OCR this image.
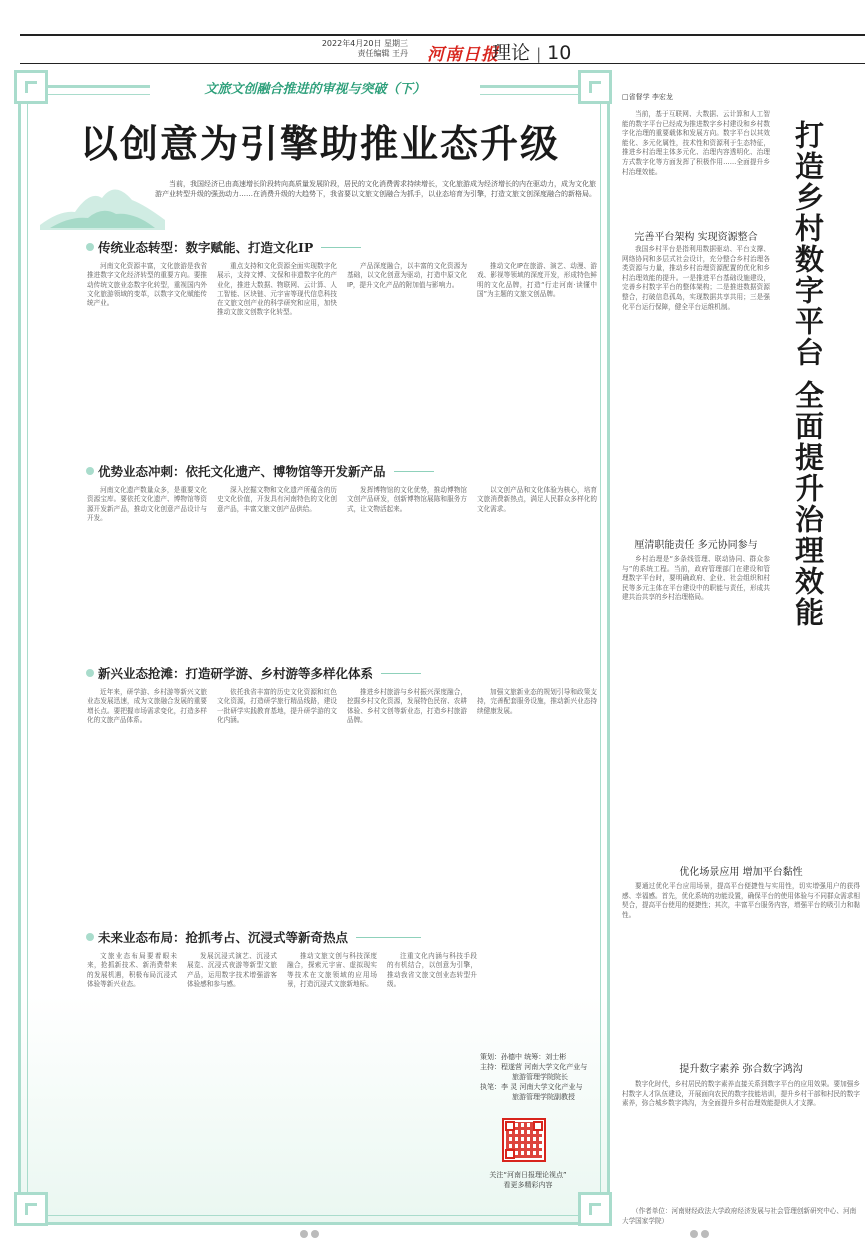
2022年4月20日 星期三
责任编辑 王丹 河南日报
理论 | 10
文旅文创融合推进的审视与突破（下）
以创意为引擎助推业态升级

当前，我国经济已由高速增长阶段转向高质量发展阶段，居民的文化消费需求持续增长，文化旅游成为经济增长的内在驱动力，成为文化旅游产业转型升级的强劲动力……在消费升级的大趋势下，我省要以文旅文创融合为抓手，以业态培育为引擎，打造文旅文创深度融合的新格局。

传统业态转型：数字赋能、打造文化IP

河南文化资源丰富，文化旅游是我省推进数字文化经济转型的重要方向。要推动传统文旅业态数字化转型，重视国内外文化旅游领域的变革，以数字文化赋能传统产业。

重点支持和文化资源全面实现数字化展示，支持文博、文保和非遗数字化的产业化，推进大数据、物联网、云计算、人工智能、区块链、元宇宙等现代信息科技在文旅文创产业的科学研究和应用，加快推动文旅文创数字化转型。

产品深度融合，以丰富的文化资源为基础，以文化创意为驱动，打造中原文化IP，提升文化产品的附加值与影响力。

推动文化IP在旅游、演艺、动漫、游戏、影视等领域的深度开发，形成特色鲜明的文化品牌，打造“行走河南·读懂中国”为主题的文旅文创品牌。

优势业态冲刺：依托文化遗产、博物馆等开发新产品

河南文化遗产数量众多，是重要文化资源宝库。要依托文化遗产、博物馆等资源开发新产品，推动文化创意产品设计与开发。

深入挖掘文物和文化遗产所蕴含的历史文化价值，开发具有河南特色的文化创意产品，丰富文旅文创产品供给。

发挥博物馆的文化优势，推动博物馆文创产品研发，创新博物馆展陈和服务方式，让文物活起来。

以文创产品和文化体验为核心，培育文旅消费新热点，满足人民群众多样化的文化需求。

新兴业态抢滩：打造研学游、乡村游等多样化体系

近年来，研学游、乡村游等新兴文旅业态发展迅速，成为文旅融合发展的重要增长点。要把握市场需求变化，打造多样化的文旅产品体系。

依托我省丰富的历史文化资源和红色文化资源，打造研学旅行精品线路，建设一批研学实践教育基地，提升研学游的文化内涵。

推进乡村旅游与乡村振兴深度融合，挖掘乡村文化资源，发展特色民宿、农耕体验、乡村文创等新业态，打造乡村旅游品牌。

加强文旅新业态的规划引导和政策支持，完善配套服务设施，推动新兴业态持续健康发展。

未来业态布局：抢抓考占、沉浸式等新奇热点

文旅业态布局要着眼未来，抢抓新技术、新消费带来的发展机遇，积极布局沉浸式体验等新兴业态。

发展沉浸式演艺、沉浸式展览、沉浸式夜游等新型文旅产品，运用数字技术增强游客体验感和参与感。

推动文旅文创与科技深度融合，探索元宇宙、虚拟现实等技术在文旅领域的应用场景，打造沉浸式文旅新地标。

注重文化内涵与科技手段的有机结合，以创意为引擎，推动我省文旅文创业态转型升级。

策划：孙德中 统筹：刘士彬
主持：程遂营 河南大学文化产业与
旅游管理学院院长
执笔：李 灵 河南大学文化产业与
旅游管理学院副教授
关注“河南日报理论视点”
看更多精彩内容
□省督学 李宏龙
打造乡村数字平台 全面提升治理效能

当前，基于互联网、大数据、云计算和人工智能的数字平台已经成为推进数字乡村建设和乡村数字化治理的重要载体和发展方向。数字平台以其效能化、多元化属性，技术性和资源利于生态特征，推进乡村治理主体多元化、治理内容透明化、治理方式数字化等方面发挥了积极作用……全面提升乡村治理效能。

完善平台架构 实现资源整合

我国乡村平台是指利用数据驱动、平台支撑、网络协同和多层式社会设计，充分整合乡村治理各类资源与力量，推动乡村治理资源配置的优化和乡村治理效能的提升。一是推进平台基础设施建设，完善乡村数字平台的整体架构；二是推进数据资源整合，打破信息孤岛，实现数据共享共用；三是强化平台运行保障，健全平台运维机制。

厘清职能责任 多元协同参与

乡村治理是“多条线管理、联动协同、群众参与”的系统工程。当前，政府管理部门在建设和管理数字平台时，要明确政府、企业、社会组织和村民等多元主体在平台建设中的职能与责任，形成共建共治共享的乡村治理格局。

优化场景应用 增加平台黏性

要通过优化平台应用场景，提高平台便捷性与实用性，切实增强用户的获得感、幸福感。首先，优化系统的功能设置，确保平台的使用体验与不同群众需求相契合，提高平台使用的便捷性；其次，丰富平台服务内容，增强平台的吸引力和黏性。

提升数字素养 弥合数字鸿沟

数字化时代，乡村居民的数字素养直接关系到数字平台的应用效果。要加强乡村数字人才队伍建设，开展面向农民的数字技能培训，提升乡村干部和村民的数字素养，弥合城乡数字鸿沟，为全面提升乡村治理效能提供人才支撑。

（作者单位：河南财经政法大学政府经济发展与社会管理创新研究中心、河南大学国家学院）
